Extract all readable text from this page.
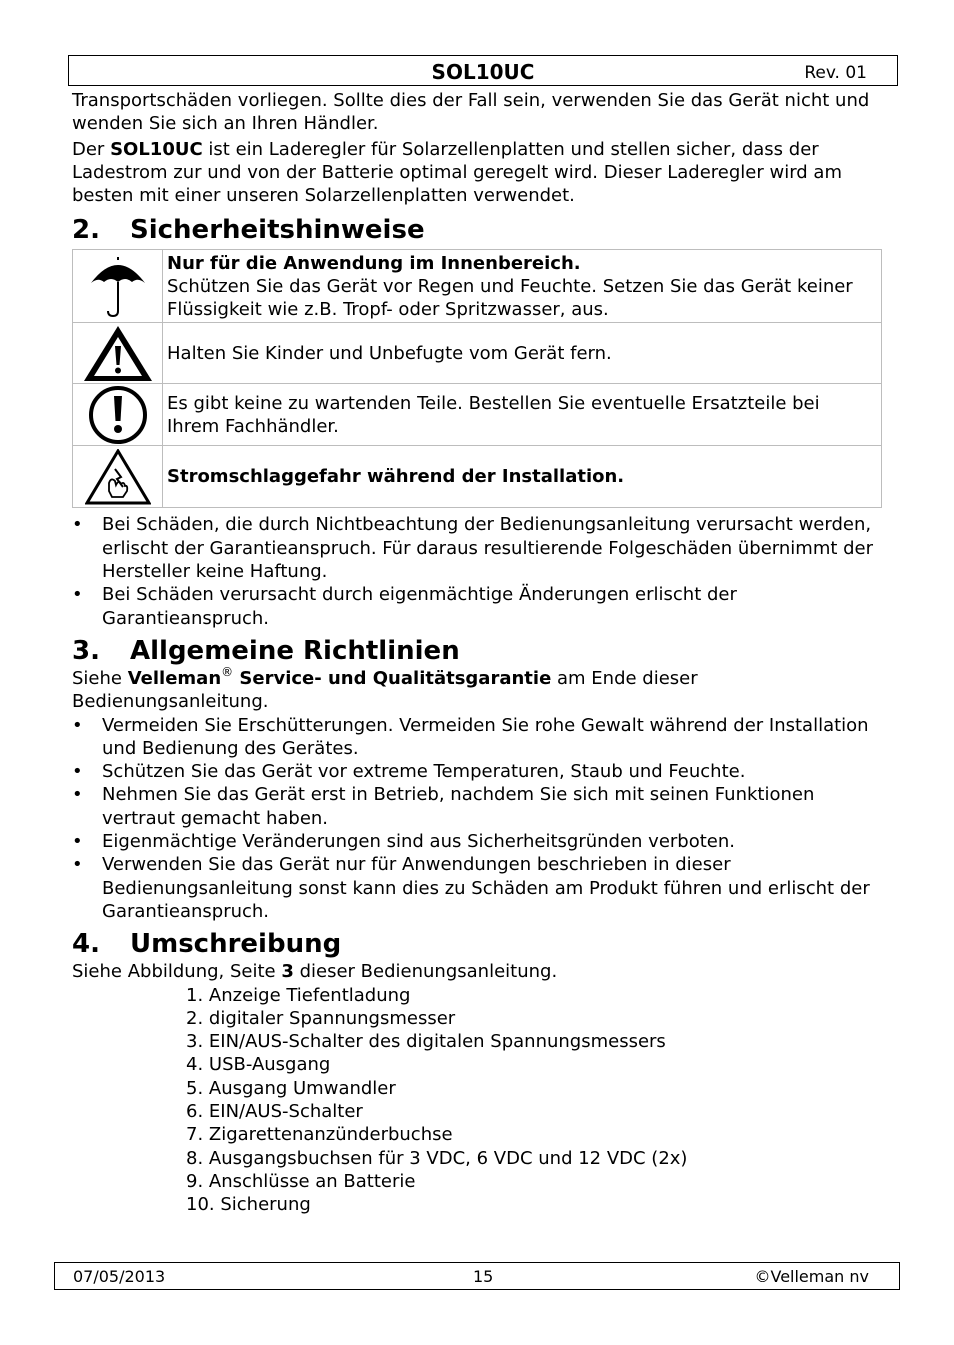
SOL10UC	Rev. 01

Transportschäden vorliegen. Sollte dies der Fall sein, verwenden Sie das Gerät nicht und wenden Sie sich an Ihren Händler.

Der SOL10UC ist ein Laderegler für Solarzellenplatten und stellen sicher, dass der Ladestrom zur und von der Batterie optimal geregelt wird. Dieser Laderegler wird am besten mit einer unseren Solarzellenplatten verwendet.

2.	Sicherheitshinweise
	Nur für die Anwendung im Innenbereich.
Schützen Sie das Gerät vor Regen und Feuchte. Setzen Sie das Gerät keiner Flüssigkeit wie z.B. Tropf- oder Spritzwasser, aus.

	Halten Sie Kinder und Unbefugte vom Gerät fern.

	Es gibt keine zu wartenden Teile. Bestellen Sie eventuelle Ersatzteile bei Ihrem Fachhändler.

	Stromschlaggefahr während der Installation.
• Bei Schäden, die durch Nichtbeachtung der Bedienungsanleitung verursacht werden, erlischt der Garantieanspruch. Für daraus resultierende Folgeschäden übernimmt der Hersteller keine Haftung.
• Bei Schäden verursacht durch eigenmächtige Änderungen erlischt der Garantieanspruch.
3.	Allgemeine Richtlinien

Siehe Velleman® Service- und Qualitätsgarantie am Ende dieser Bedienungsanleitung.

• Vermeiden Sie Erschütterungen. Vermeiden Sie rohe Gewalt während der Installation und Bedienung des Gerätes.
• Schützen Sie das Gerät vor extreme Temperaturen, Staub und Feuchte.
• Nehmen Sie das Gerät erst in Betrieb, nachdem Sie sich mit seinen Funktionen vertraut gemacht haben.
• Eigenmächtige Veränderungen sind aus Sicherheitsgründen verboten.
• Verwenden Sie das Gerät nur für Anwendungen beschrieben in dieser Bedienungsanleitung sonst kann dies zu Schäden am Produkt führen und erlischt der Garantieanspruch.
4.	Umschreibung

Siehe Abbildung, Seite 3 dieser Bedienungsanleitung.

1. Anzeige Tiefentladung
2. digitaler Spannungsmesser
3. EIN/AUS-Schalter des digitalen Spannungsmessers
4. USB-Ausgang
5. Ausgang Umwandler
6. EIN/AUS-Schalter
7. Zigarettenanzünderbuchse
8. Ausgangsbuchsen für 3 VDC, 6 VDC und 12 VDC (2x)
9. Anschlüsse an Batterie
10. Sicherung
07/05/2013	15	©Velleman nv
